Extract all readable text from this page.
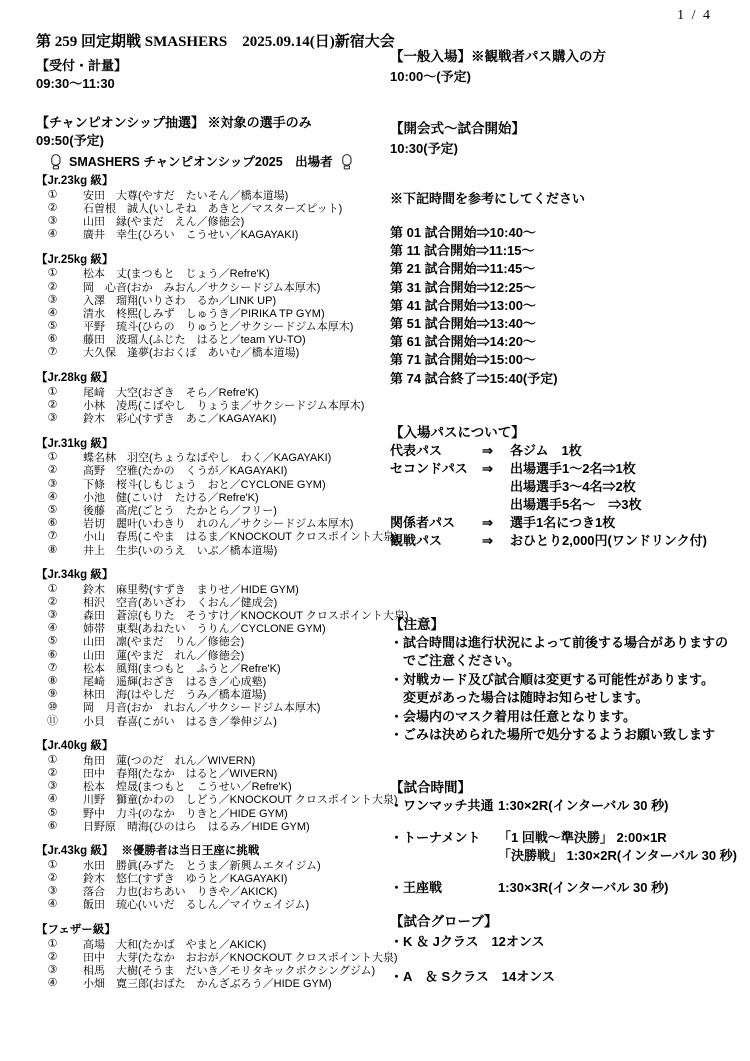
1 / 4
第 259 回定期戦 SMASHERS　2025.09.14(日)新宿大会
【受付・計量】
09:30～11:30
【チャンピオンシップ抽選】 ※対象の選手のみ
09:50(予定)
SMASHERS チャンピオンシップ2025　出場者
【Jr.23kg 級】
① 安田　大尊(やすだ　たいそん／橋本道場)
② 石曽根　誠人(いしそね　あきと／マスターズピット)
③ 山田　縁(やまだ　えん／修徳会)
④ 廣井　幸生(ひろい　こうせい／KAGAYAKI)
【Jr.25kg 級】
① 松本　丈(まつもと　じょう／Refre'K)
② 岡　心音(おか　みおん／サクシードジム本厚木)
③ 入澤　瑠翔(いりさわ　るか／LINK UP)
④ 清水　柊煕(しみず　しゅうき／PIRIKA TP GYM)
⑤ 平野　琉斗(ひらの　りゅうと／サクシードジム本厚木)
⑥ 藤田　波瑠人(ふじた　はると／team YU-TO)
⑦ 大久保　逢夢(おおくぼ　あいむ／橋本道場)
【Jr.28kg 級】
① 尾﨑　大空(おざき　そら／Refre'K)
② 小林　凌馬(こばやし　りょうま／サクシードジム本厚木)
③ 鈴木　彩心(すずき　あこ／KAGAYAKI)
【Jr.31kg 級】
① 蝶名林　羽空(ちょうなばやし　わく／KAGAYAKI)
② 高野　空雅(たかの　くうが／KAGAYAKI)
③ 下條　桜斗(しもじょう　おと／CYCLONE GYM)
④ 小池　健(こいけ　たける／Refre'K)
⑤ 後藤　高虎(ごとう　たかとら／フリー)
⑥ 岩切　麗叶(いわきり　れのん／サクシードジム本厚木)
⑦ 小山　春馬(こやま　はるま／KNOCKOUT クロスポイント大泉)
⑧ 井上　生歩(いのうえ　いぶ／橋本道場)
【Jr.34kg 級】
① 鈴木　麻里勢(すずき　まりせ／HIDE GYM)
② 相沢　空音(あいざわ　くおん／健成会)
③ 森田　蒼涼(もりた　そうすけ／KNOCKOUT クロスポイント大泉)
④ 姉帯　東梨(あねたい　うりん／CYCLONE GYM)
⑤ 山田　凛(やまだ　りん／修徳会)
⑥ 山田　蓮(やまだ　れん／修徳会)
⑦ 松本　風翔(まつもと　ふうと／Refre'K)
⑧ 尾崎　遥輝(おざき　はるき／心成塾)
⑨ 林田　海(はやしだ　うみ／橋本道場)
⑩ 岡　月音(おか　れおん／サクシードジム本厚木)
⑪ 小貝　春喜(こがい　はるき／拳伸ジム)
【Jr.40kg 級】
① 角田　蓮(つのだ　れん／WIVERN)
② 田中　春翔(たなか　はると／WIVERN)
③ 松本　煌晟(まつもと　こうせい／Refre'K)
④ 川野　獅童(かわの　しどう／KNOCKOUT クロスポイント大泉)
⑤ 野中　力斗(のなか　りきと／HIDE GYM)
⑥ 日野原　晴海(ひのはら　はるみ／HIDE GYM)
【Jr.43kg 級】 ※優勝者は当日王座に挑戦
① 水田　勝眞(みずた　とうま／新興ムエタイジム)
② 鈴木　悠仁(すずき　ゆうと／KAGAYAKI)
③ 落合　力也(おちあい　りきや／AKICK)
④ 飯田　琉心(いいだ　るしん／マイウェイジム)
【フェザー級】
① 高場　大和(たかば　やまと／AKICK)
② 田中　大芽(たなか　おおが／KNOCKOUT クロスポイント大泉)
③ 相馬　大樹(そうま　だいき／モリタキックボクシングジム)
④ 小畑　寛三郎(おばた　かんざぶろう／HIDE GYM)
【一般入場】※観戦者パス購入の方
10:00～(予定)
【開会式～試合開始】
10:30(予定)
※下記時間を参考にしてください
第 01 試合開始⇒10:40～
第 11 試合開始⇒11:15～
第 21 試合開始⇒11:45～
第 31 試合開始⇒12:25～
第 41 試合開始⇒13:00～
第 51 試合開始⇒13:40～
第 61 試合開始⇒14:20～
第 71 試合開始⇒15:00～
第 74 試合終了⇒15:40(予定)
【入場パスについて】
代表パス	⇒	各ジム　1枚
セコンドパス	⇒	出場選手1～2名⇒1枚
出場選手3～4名⇒2枚
出場選手5名～　⇒3枚
関係者パス	⇒	選手1名につき1枚
観戦パス	⇒	おひとり2,000円(ワンドリンク付)
【注意】
・試合時間は進行状況によって前後する場合がありますの
でご注意ください。
・対戦カード及び試合順は変更する可能性があります。
変更があった場合は随時お知らせします。
・会場内のマスク着用は任意となります。
・ごみは決められた場所で処分するようお願い致します
【試合時間】
・ワンマッチ共通 1:30×2R(インターバル 30 秒)
・トーナメント	「1 回戦～準決勝」 2:00×1R
「決勝戦」 1:30×2R(インターバル 30 秒)
・王座戦	1:30×3R(インターバル 30 秒)
【試合グローブ】
・K ＆ Jクラス　12オンス
・A　＆ Sクラス　14オンス
